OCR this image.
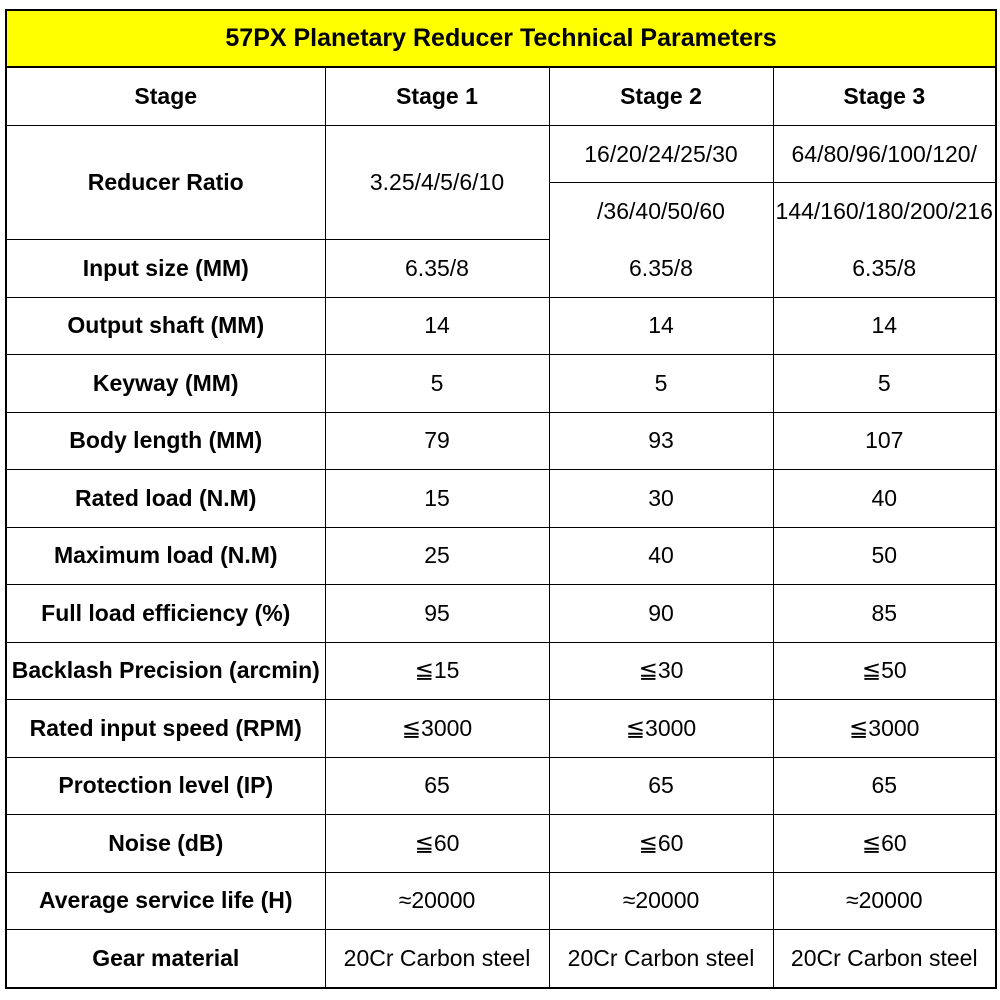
57PX Planetary Reducer Technical Parameters
Stage	Stage 1	Stage 2	Stage 3
Reducer Ratio	3.25/4/5/6/10	16/20/24/25/30	64/80/96/100/120/
		/36/40/50/60	144/160/180/200/216
Input size (MM)	6.35/8	6.35/8	6.35/8
Output shaft (MM)	14	14	14
Keyway (MM)	5	5	5
Body length (MM)	79	93	107
Rated load (N.M)	15	30	40
Maximum load (N.M)	25	40	50
Full load efficiency (%)	95	90	85
Backlash Precision (arcmin)	≦15	≦30	≦50
Rated input speed (RPM)	≦3000	≦3000	≦3000
Protection level (IP)	65	65	65
Noise (dB)	≦60	≦60	≦60
Average service life (H)	≈20000	≈20000	≈20000
Gear material	20Cr Carbon steel	20Cr Carbon steel	20Cr Carbon steel
